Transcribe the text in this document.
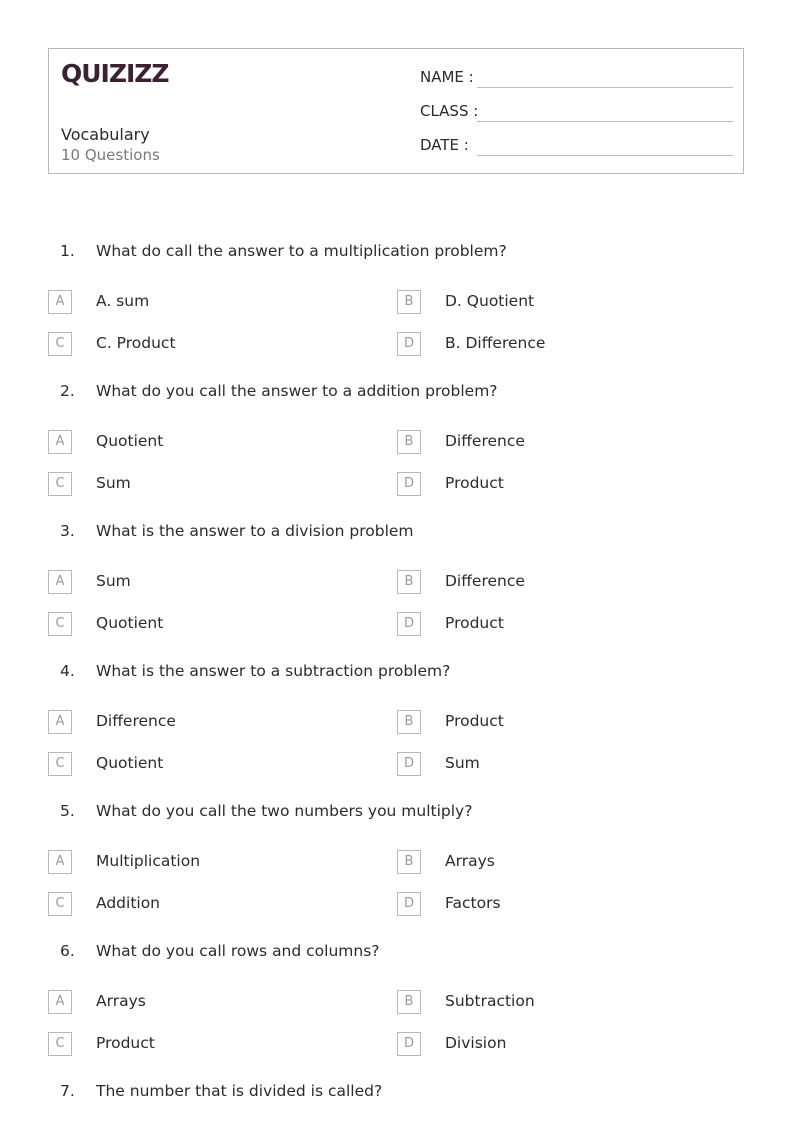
QUIZIZZ
Vocabulary
10 Questions
NAME :
CLASS :
DATE :
1. What do call the answer to a multiplication problem?
A	A. sum	B	D. Quotient
C	C. Product	D	B. Difference
2. What do you call the answer to a addition problem?
A	Quotient	B	Difference
C	Sum	D	Product
3. What is the answer to a division problem
A	Sum	B	Difference
C	Quotient	D	Product
4. What is the answer to a subtraction problem?
A	Difference	B	Product
C	Quotient	D	Sum
5. What do you call the two numbers you multiply?
A	Multiplication	B	Arrays
C	Addition	D	Factors
6. What do you call rows and columns?
A	Arrays	B	Subtraction
C	Product	D	Division
7. The number that is divided is called?
